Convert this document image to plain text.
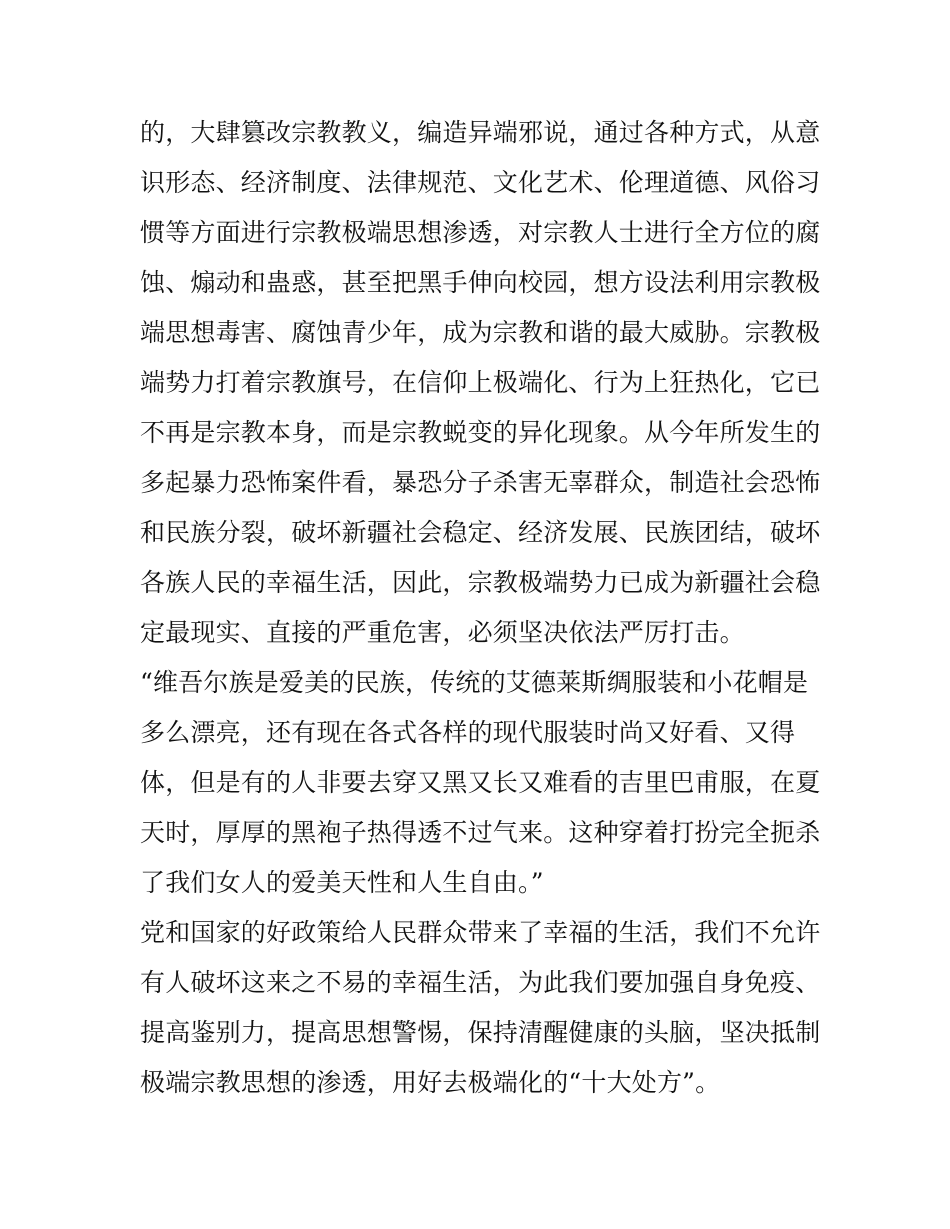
的，大肆篡改宗教教义，编造异端邪说，通过各种方式，从意
识形态、经济制度、法律规范、文化艺术、伦理道德、风俗习
惯等方面进行宗教极端思想渗透，对宗教人士进行全方位的腐
蚀、煽动和蛊惑，甚至把黑手伸向校园，想方设法利用宗教极
端思想毒害、腐蚀青少年，成为宗教和谐的最大威胁。宗教极
端势力打着宗教旗号，在信仰上极端化、行为上狂热化，它已
不再是宗教本身，而是宗教蜕变的异化现象。从今年所发生的
多起暴力恐怖案件看，暴恐分子杀害无辜群众，制造社会恐怖
和民族分裂，破坏新疆社会稳定、经济发展、民族团结，破坏
各族人民的幸福生活，因此，宗教极端势力已成为新疆社会稳
定最现实、直接的严重危害，必须坚决依法严厉打击。
“维吾尔族是爱美的民族，传统的艾德莱斯绸服装和小花帽是
多么漂亮，还有现在各式各样的现代服装时尚又好看、又得
体，但是有的人非要去穿又黑又长又难看的吉里巴甫服，在夏
天时，厚厚的黑袍子热得透不过气来。这种穿着打扮完全扼杀
了我们女人的爱美天性和人生自由。”
党和国家的好政策给人民群众带来了幸福的生活，我们不允许
有人破坏这来之不易的幸福生活，为此我们要加强自身免疫、
提高鉴别力，提高思想警惕，保持清醒健康的头脑，坚决抵制
极端宗教思想的渗透，用好去极端化的“十大处方”。
